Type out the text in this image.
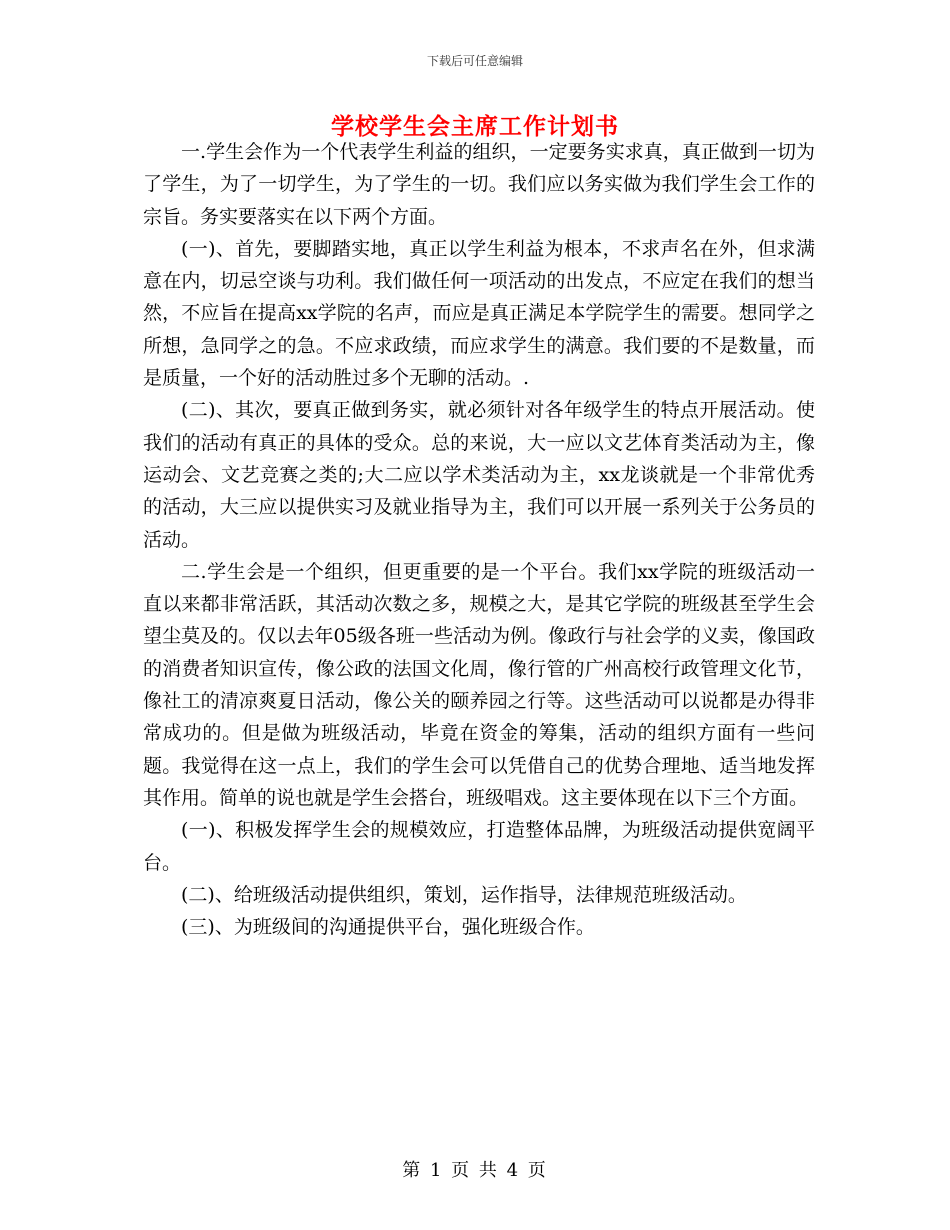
下载后可任意编辑
学校学生会主席工作计划书

一.学生会作为一个代表学生利益的组织，一定要务实求真，真正做到一切为了学生，为了一切学生，为了学生的一切。我们应以务实做为我们学生会工作的宗旨。务实要落实在以下两个方面。

(一)、首先，要脚踏实地，真正以学生利益为根本，不求声名在外，但求满意在内，切忌空谈与功利。我们做任何一项活动的出发点，不应定在我们的想当然，不应旨在提高xx学院的名声，而应是真正满足本学院学生的需要。想同学之所想，急同学之的急。不应求政绩，而应求学生的满意。我们要的不是数量，而是质量，一个好的活动胜过多个无聊的活动。.

(二)、其次，要真正做到务实，就必须针对各年级学生的特点开展活动。使我们的活动有真正的具体的受众。总的来说，大一应以文艺体育类活动为主，像运动会、文艺竞赛之类的;大二应以学术类活动为主，xx龙谈就是一个非常优秀的活动，大三应以提供实习及就业指导为主，我们可以开展一系列关于公务员的活动。

二.学生会是一个组织，但更重要的是一个平台。我们xx学院的班级活动一直以来都非常活跃，其活动次数之多，规模之大，是其它学院的班级甚至学生会望尘莫及的。仅以去年05级各班一些活动为例。像政行与社会学的义卖，像国政的消费者知识宣传，像公政的法国文化周，像行管的广州高校行政管理文化节，像社工的清凉爽夏日活动，像公关的颐养园之行等。这些活动可以说都是办得非常成功的。但是做为班级活动，毕竟在资金的筹集，活动的组织方面有一些问题。我觉得在这一点上，我们的学生会可以凭借自己的优势合理地、适当地发挥其作用。简单的说也就是学生会搭台，班级唱戏。这主要体现在以下三个方面。

(一)、积极发挥学生会的规模效应，打造整体品牌，为班级活动提供宽阔平台。

(二)、给班级活动提供组织，策划，运作指导，法律规范班级活动。

(三)、为班级间的沟通提供平台，强化班级合作。

第 1 页 共 4 页
